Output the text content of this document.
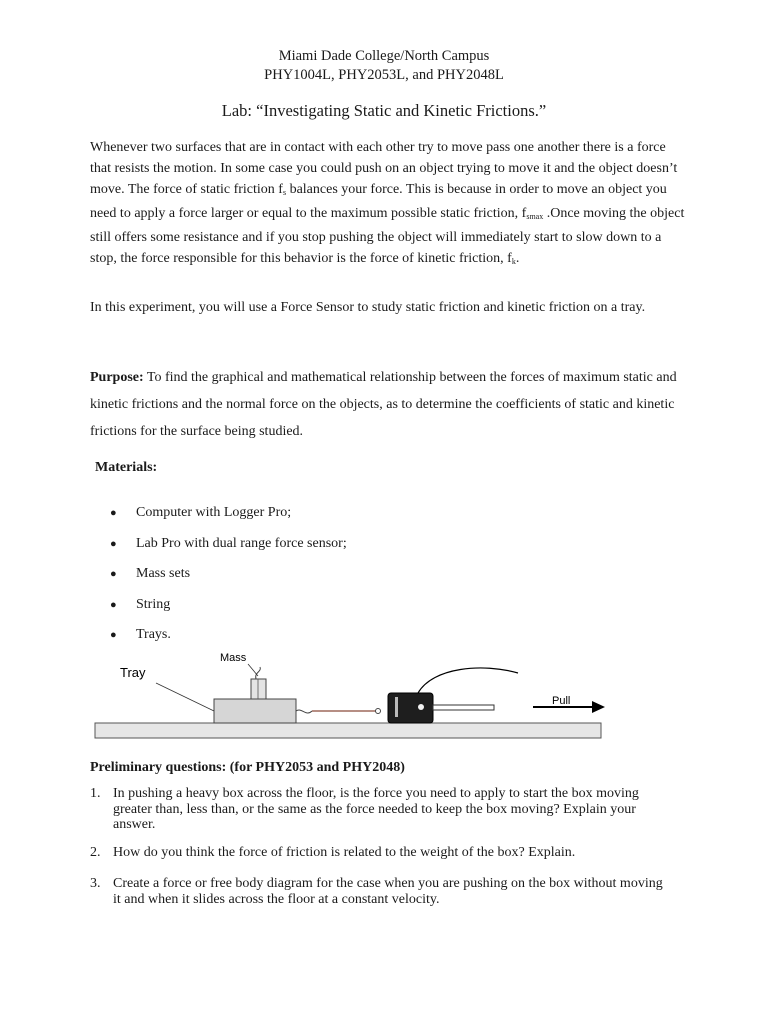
Miami Dade College/North Campus
PHY1004L, PHY2053L, and PHY2048L
Lab: “Investigating Static and Kinetic Frictions.”

Whenever two surfaces that are in contact with each other try to move pass one another there is a force that resists the motion. In some case you could push on an object trying to move it and the object doesn’t move. The force of static friction $f_s$ balances your force. This is because in order to move an object you need to apply a force larger or equal to the maximum possible static friction, $f_{smax}$ .Once moving the object still offers some resistance and if you stop pushing the object will immediately start to slow down to a stop, the force responsible for this behavior is the force of kinetic friction, $f_k$.

In this experiment, you will use a Force Sensor to study static friction and kinetic friction on a tray.

Purpose: To find the graphical and mathematical relationship between the forces of maximum static and kinetic frictions and the normal force on the objects, as to determine the coefficients of static and kinetic frictions for the surface being studied.

Materials:
● Computer with Logger Pro;
● Lab Pro with dual range force sensor;
● Mass sets
● String
● Trays.
Mass
Tray
Pull
Preliminary questions: (for PHY2053 and PHY2048)
1. In pushing a heavy box across the floor, is the force you need to apply to start the box moving greater than, less than, or the same as the force needed to keep the box moving? Explain your answer.
2. How do you think the force of friction is related to the weight of the box? Explain.
3. Create a force or free body diagram for the case when you are pushing on the box without moving it and when it slides across the floor at a constant velocity.
